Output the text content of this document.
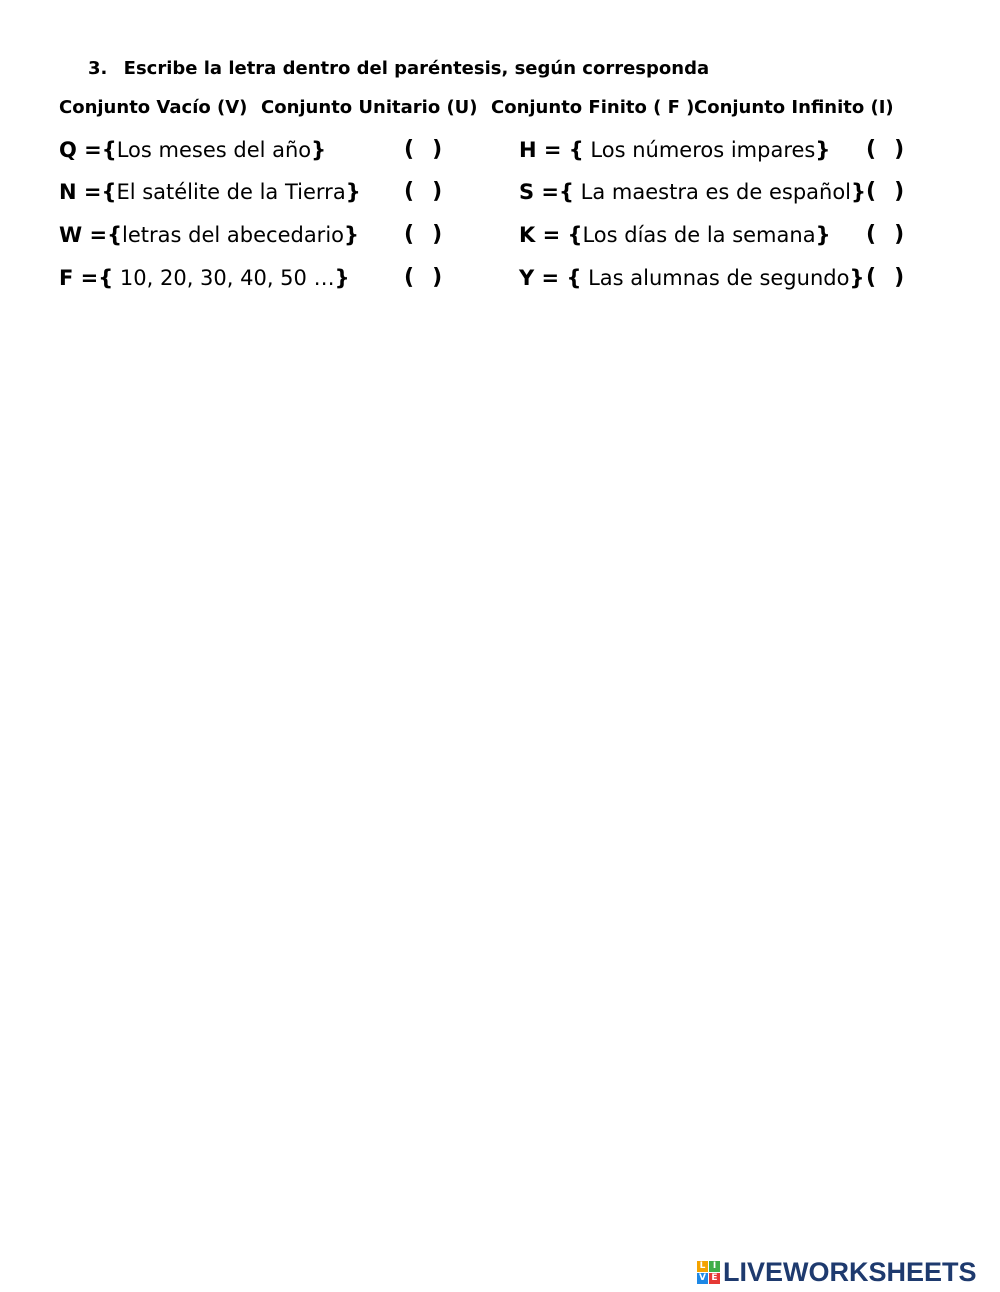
3. Escribe la letra dentro del paréntesis, según corresponda
Conjunto Vacío (V) Conjunto Unitario (U) Conjunto Finito ( F ) Conjunto Infinito (I)
Q ={Los meses del año}	( )
N ={El satélite de la Tierra} ( )
W ={letras del abecedario} ( )
F ={ 10, 20, 30, 40, 50 …} ( )
H = { Los números impares} ( )
S ={ La maestra es de español} ( )
K = {Los días de la semana} ( )
Y = { Las alumnas de segundo} ( )
L I
V E LIVEWORKSHEETS
